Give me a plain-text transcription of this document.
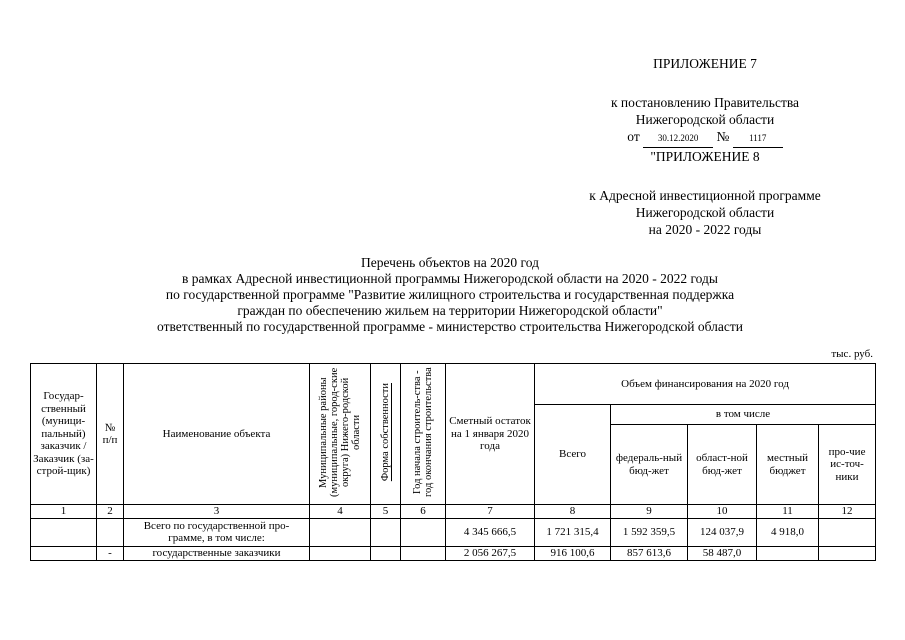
ПРИЛОЖЕНИЕ 7
к постановлению Правительства
Нижегородской области
от 30.12.2020 № 1117
"ПРИЛОЖЕНИЕ 8
к Адресной инвестиционной программе
Нижегородской области
на 2020 - 2022 годы
Перечень объектов на 2020 год
в рамках Адресной инвестиционной программы Нижегородской области на 2020 - 2022 годы
по государственной программе "Развитие жилищного строительства и государственная поддержка
граждан по обеспечению жильем на территории Нижегородской области"
ответственный по государственной программе - министерство строительства Нижегородской области
тыс. руб.
Государ-ственный (муници-пальный) заказчик / Заказчик (за-строй-щик)	№ п/п	Наименование объекта	Муниципальные районы (муниципальные, город-ские округа) Нижего-родской области	Форма собственности	Год начала строитель-ства - год окончания строительства	Сметный остаток на 1 января 2020 года	Объем финансирования на 2020 год				
							Всего	в том числе			
								федераль-ный бюд-жет	област-ной бюд-жет	местный бюджет	про-чие ис-точ-ники
1	2	3	4	5	6	7	8	9	10	11	12
		Всего по государственной про-грамме, в том числе:				4 345 666,5	1 721 315,4	1 592 359,5	124 037,9	4 918,0	
	-	государственные заказчики				2 056 267,5	916 100,6	857 613,6	58 487,0		
